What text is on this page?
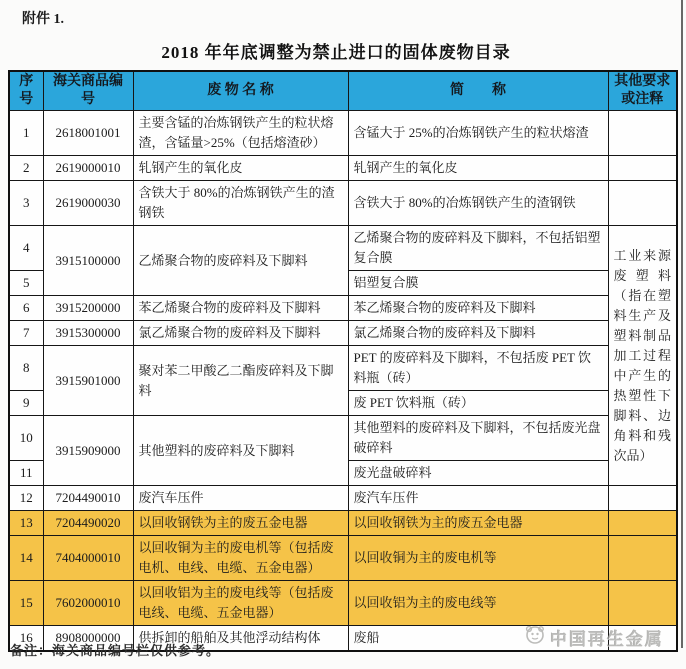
附件 1.
2018 年年底调整为禁止进口的固体废物目录
序号	海关商品编号	废 物 名 称	简　　称	其他要求或注释
1	2618001001	主要含锰的冶炼钢铁产生的粒状熔渣，含锰量>25%（包括熔渣砂）	含锰大于 25%的冶炼钢铁产生的粒状熔渣	
2	2619000010	轧钢产生的氧化皮	轧钢产生的氧化皮	
3	2619000030	含铁大于 80%的冶炼钢铁产生的渣钢铁	含铁大于 80%的冶炼钢铁产生的渣钢铁	
4	3915100000	乙烯聚合物的废碎料及下脚料	乙烯聚合物的废碎料及下脚料，不包括铝塑复合膜	工业来源废塑料（指在塑料生产及塑料制品加工过程中产生的热塑性下脚料、边角料和残次品）
5			铝塑复合膜	
6	3915200000	苯乙烯聚合物的废碎料及下脚料	苯乙烯聚合物的废碎料及下脚料	
7	3915300000	氯乙烯聚合物的废碎料及下脚料	氯乙烯聚合物的废碎料及下脚料	
8	3915901000	聚对苯二甲酸乙二酯废碎料及下脚料	PET 的废碎料及下脚料，不包括废 PET 饮料瓶（砖）	
9			废 PET 饮料瓶（砖）	
10	3915909000	其他塑料的废碎料及下脚料	其他塑料的废碎料及下脚料，不包括废光盘破碎料	
11			废光盘破碎料	
12	7204490010	废汽车压件	废汽车压件	
13	7204490020	以回收钢铁为主的废五金电器	以回收钢铁为主的废五金电器	
14	7404000010	以回收铜为主的废电机等（包括废电机、电线、电缆、五金电器）	以回收铜为主的废电机等	
15	7602000010	以回收铝为主的废电线等（包括废电线、电缆、五金电器）	以回收铝为主的废电线等	
16	8908000000	供拆卸的船舶及其他浮动结构体	废船	
备注：海关商品编号栏仅供参考。
中国再生金属
